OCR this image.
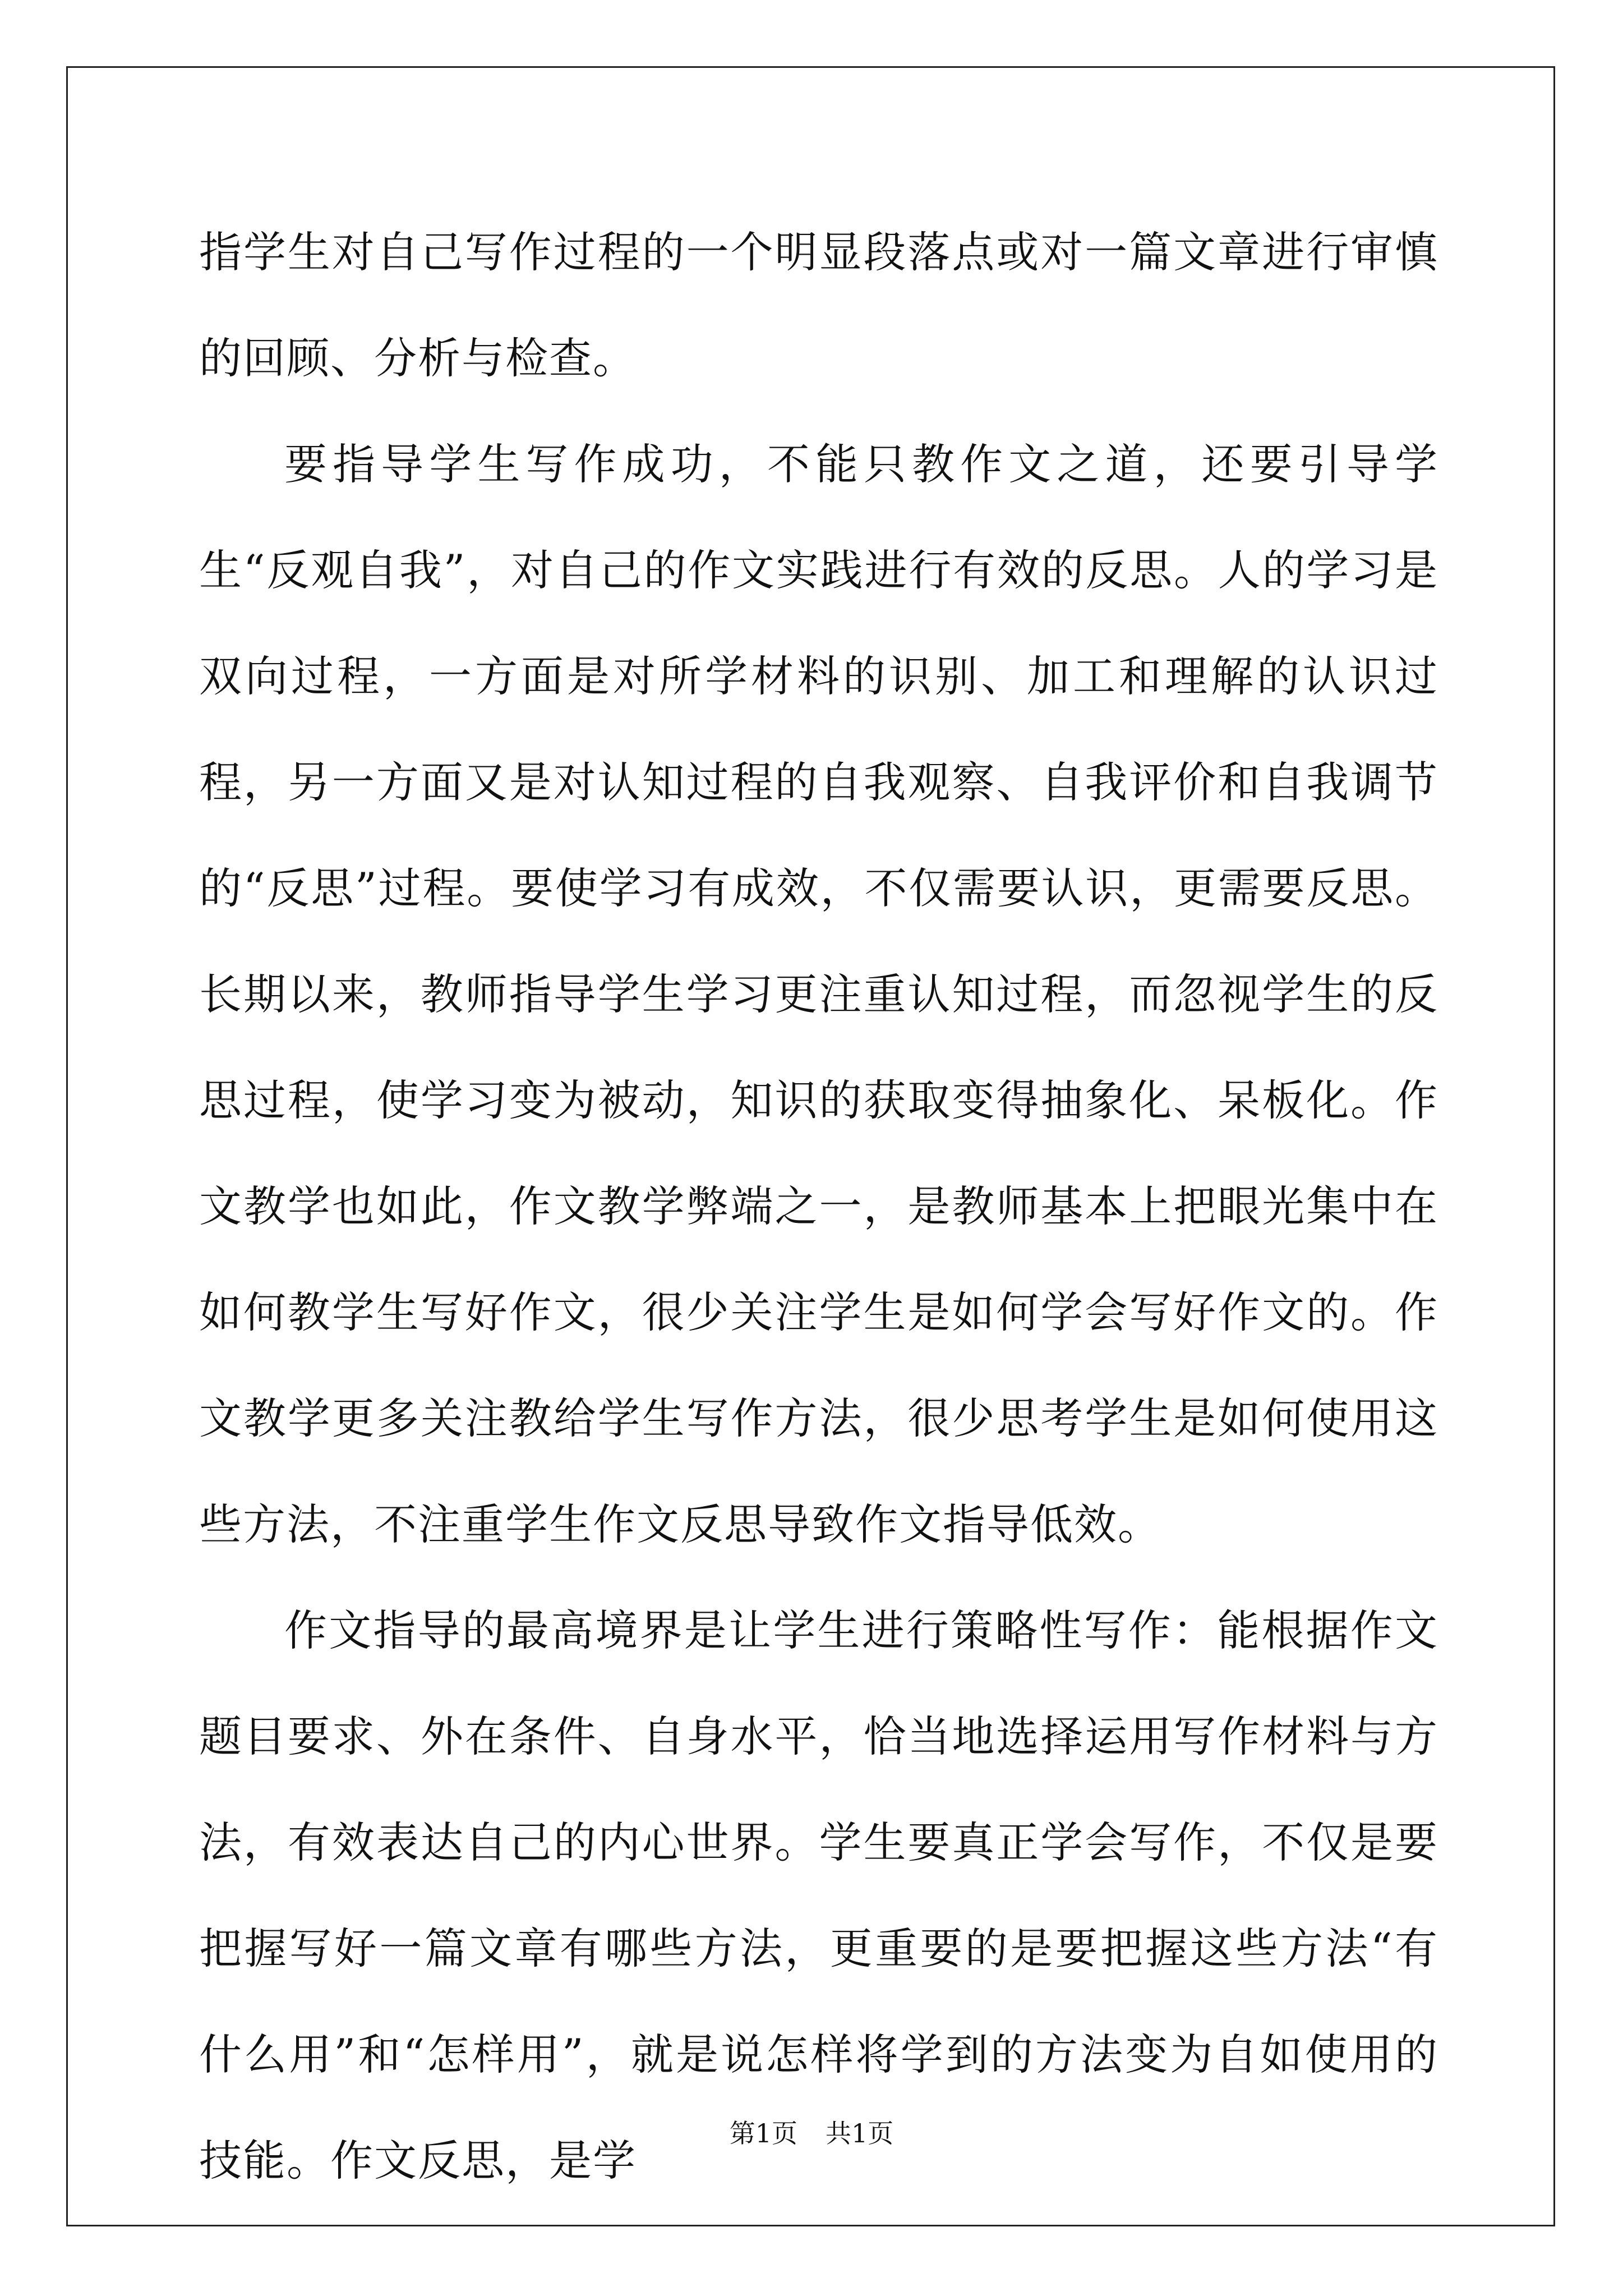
指学生对自己写作过程的一个明显段落点或对一篇文章进行审慎的回顾、分析与检查。

要指导学生写作成功，不能只教作文之道，还要引导学生“反观自我”，对自己的作文实践进行有效的反思。人的学习是双向过程，一方面是对所学材料的识别、加工和理解的认识过程，另一方面又是对认知过程的自我观察、自我评价和自我调节的“反思”过程。要使学习有成效，不仅需要认识，更需要反思。长期以来，教师指导学生学习更注重认知过程，而忽视学生的反思过程，使学习变为被动，知识的获取变得抽象化、呆板化。作文教学也如此，作文教学弊端之一，是教师基本上把眼光集中在如何教学生写好作文，很少关注学生是如何学会写好作文的。作文教学更多关注教给学生写作方法，很少思考学生是如何使用这些方法，不注重学生作文反思导致作文指导低效。

作文指导的最高境界是让学生进行策略性写作：能根据作文题目要求、外在条件、自身水平，恰当地选择运用写作材料与方法，有效表达自己的内心世界。学生要真正学会写作，不仅是要把握写好一篇文章有哪些方法，更重要的是要把握这些方法“有什么用”和“怎样用”，就是说怎样将学到的方法变为自如使用的技能。作文反思，是学

第1页 共1页
